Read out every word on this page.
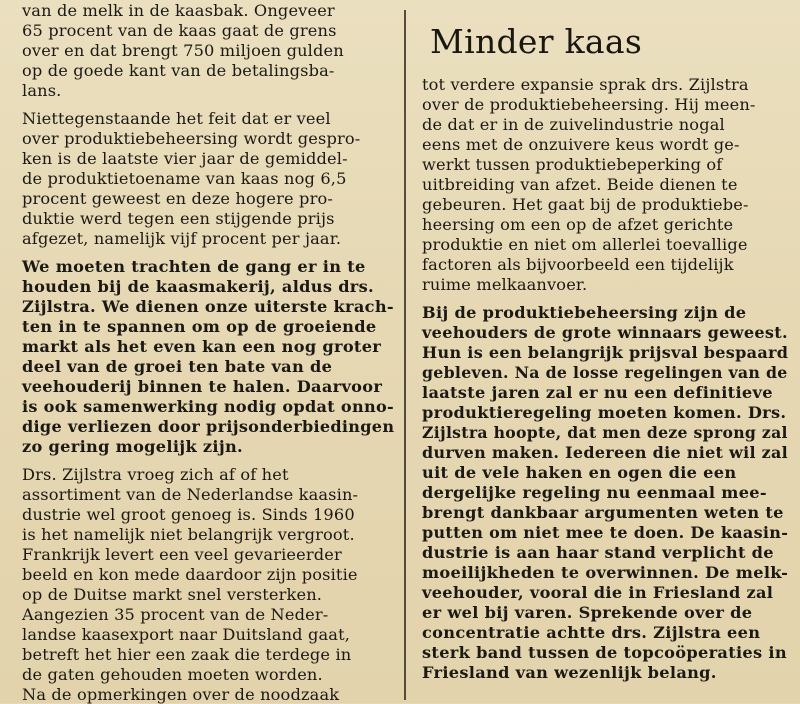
Minder kaas
van de melk in de kaasbak. Ongeveer
65 procent van de kaas gaat de grens
over en dat brengt 750 miljoen gulden
op de goede kant van de betalingsba-
lans.
Niettegenstaande het feit dat er veel
over produktiebeheersing wordt gespro-
ken is de laatste vier jaar de gemiddel-
de produktietoename van kaas nog 6,5
procent geweest en deze hogere pro-
duktie werd tegen een stijgende prijs
afgezet, namelijk vijf procent per jaar.
We moeten trachten de gang er in te
houden bij de kaasmakerij, aldus drs.
Zijlstra. We dienen onze uiterste krach-
ten in te spannen om op de groeiende
markt als het even kan een nog groter
deel van de groei ten bate van de
veehouderij binnen te halen. Daarvoor
is ook samenwerking nodig opdat onno-
dige verliezen door prijsonderbiedingen
zo gering mogelijk zijn.
Drs. Zijlstra vroeg zich af of het
assortiment van de Nederlandse kaasin-
dustrie wel groot genoeg is. Sinds 1960
is het namelijk niet belangrijk vergroot.
Frankrijk levert een veel gevarieerder
beeld en kon mede daardoor zijn positie
op de Duitse markt snel versterken.
Aangezien 35 procent van de Neder-
landse kaasexport naar Duitsland gaat,
betreft het hier een zaak die terdege in
de gaten gehouden moeten worden.
Na de opmerkingen over de noodzaak
tot verdere expansie sprak drs. Zijlstra
over de produktiebeheersing. Hij meen-
de dat er in de zuivelindustrie nogal
eens met de onzuivere keus wordt ge-
werkt tussen produktiebeperking of
uitbreiding van afzet. Beide dienen te
gebeuren. Het gaat bij de produktiebe-
heersing om een op de afzet gerichte
produktie en niet om allerlei toevallige
factoren als bijvoorbeeld een tijdelijk
ruime melkaanvoer.
Bij de produktiebeheersing zijn de
veehouders de grote winnaars geweest.
Hun is een belangrijk prijsval bespaard
gebleven. Na de losse regelingen van de
laatste jaren zal er nu een definitieve
produktieregeling moeten komen. Drs.
Zijlstra hoopte, dat men deze sprong zal
durven maken. Iedereen die niet wil zal
uit de vele haken en ogen die een
dergelijke regeling nu eenmaal mee-
brengt dankbaar argumenten weten te
putten om niet mee te doen. De kaasin-
dustrie is aan haar stand verplicht de
moeilijkheden te overwinnen. De melk-
veehouder, vooral die in Friesland zal
er wel bij varen. Sprekende over de
concentratie achtte drs. Zijlstra een
sterk band tussen de topcoöperaties in
Friesland van wezenlijk belang.
